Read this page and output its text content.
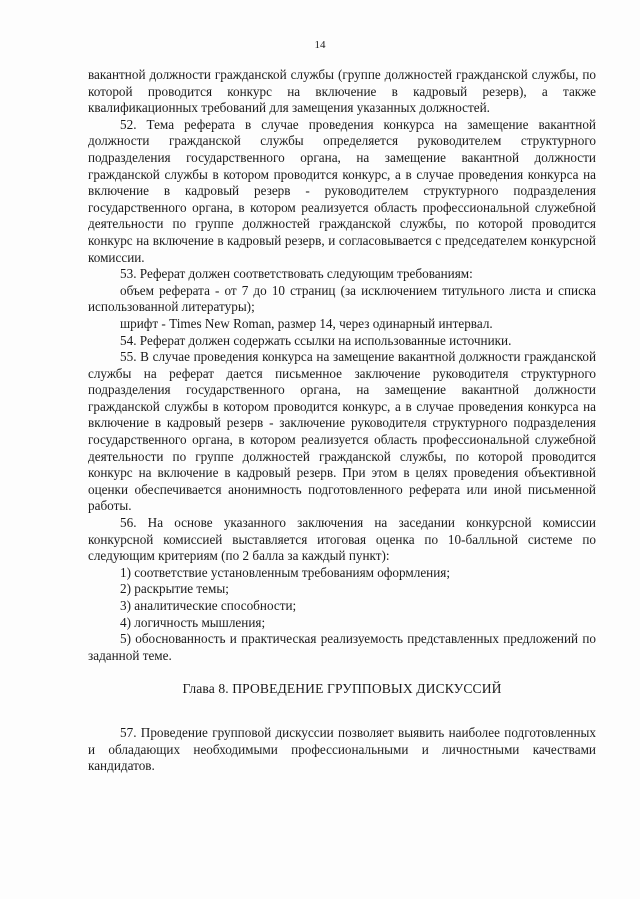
14

вакантной должности гражданской службы (группе должностей гражданской службы, по которой проводится конкурс на включение в кадровый резерв), а также квалификационных требований для замещения указанных должностей.

52. Тема реферата в случае проведения конкурса на замещение вакантной должности гражданской службы определяется руководителем структурного подразделения государственного органа, на замещение вакантной должности гражданской службы в котором проводится конкурс, а в случае проведения конкурса на включение в кадровый резерв - руководителем структурного подразделения государственного органа, в котором реализуется область профессиональной служебной деятельности по группе должностей гражданской службы, по которой проводится конкурс на включение в кадровый резерв, и согласовывается с председателем конкурсной комиссии.

53. Реферат должен соответствовать следующим требованиям:

объем реферата - от 7 до 10 страниц (за исключением титульного листа и списка использованной литературы);

шрифт - Times New Roman, размер 14, через одинарный интервал.

54. Реферат должен содержать ссылки на использованные источники.

55. В случае проведения конкурса на замещение вакантной должности гражданской службы на реферат дается письменное заключение руководителя структурного подразделения государственного органа, на замещение вакантной должности гражданской службы в котором проводится конкурс, а в случае проведения конкурса на включение в кадровый резерв - заключение руководителя структурного подразделения государственного органа, в котором реализуется область профессиональной служебной деятельности по группе должностей гражданской службы, по которой проводится конкурс на включение в кадровый резерв. При этом в целях проведения объективной оценки обеспечивается анонимность подготовленного реферата или иной письменной работы.

56. На основе указанного заключения на заседании конкурсной комиссии конкурсной комиссией выставляется итоговая оценка по 10-балльной системе по следующим критериям (по 2 балла за каждый пункт):

1) соответствие установленным требованиям оформления;

2) раскрытие темы;

3) аналитические способности;

4) логичность мышления;

5) обоснованность и практическая реализуемость представленных предложений по заданной теме.

Глава 8. ПРОВЕДЕНИЕ ГРУППОВЫХ ДИСКУССИЙ

57. Проведение групповой дискуссии позволяет выявить наиболее подготовленных и обладающих необходимыми профессиональными и личностными качествами кандидатов.
